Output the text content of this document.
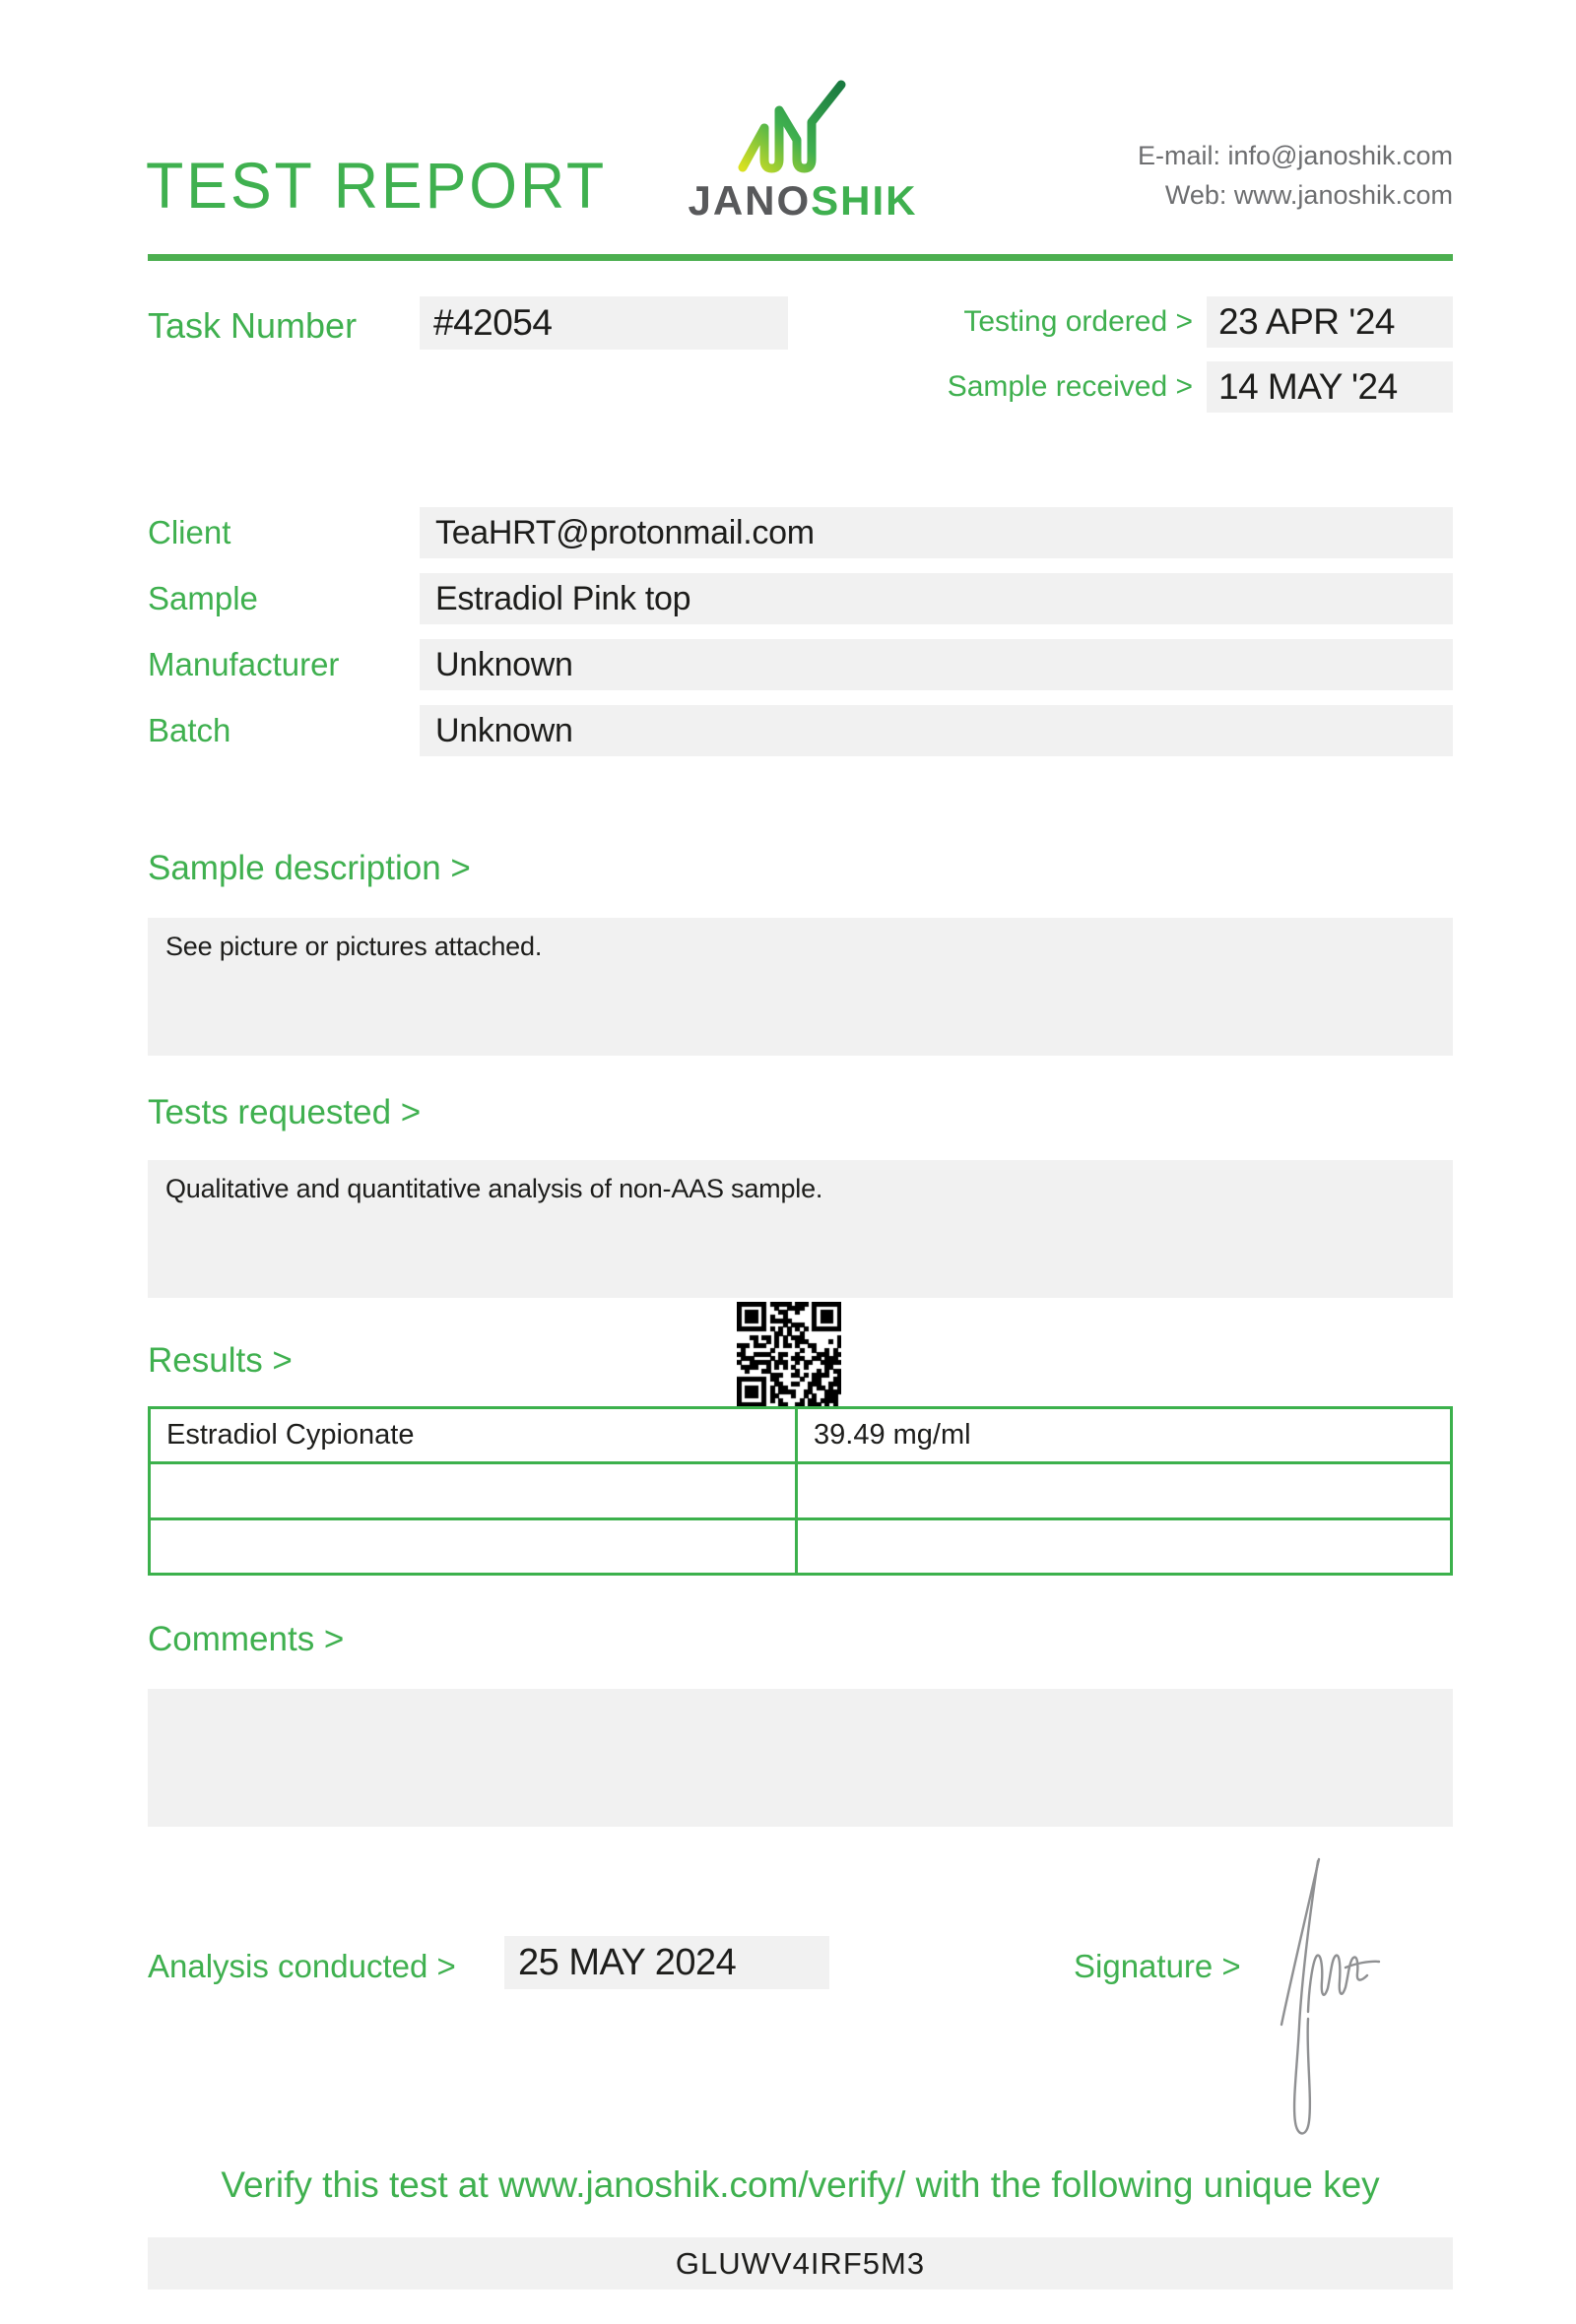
TEST REPORT JANOSHIK
E-mail: info@janoshik.com
Web: www.janoshik.com
Task Number	#42054	Testing ordered > 23 APR '24
Sample received > 14 MAY '24
Client	TeaHRT@protonmail.com
Sample	Estradiol Pink top
Manufacturer	Unknown
Batch	Unknown
Sample description >
See picture or pictures attached.
Tests requested >
Qualitative and quantitative analysis of non-AAS sample.
Results >
Estradiol Cypionate	39.49 mg/ml
Comments >
Analysis conducted >	25 MAY 2024	Signature >
Verify this test at www.janoshik.com/verify/ with the following unique key
GLUWV4IRF5M3
